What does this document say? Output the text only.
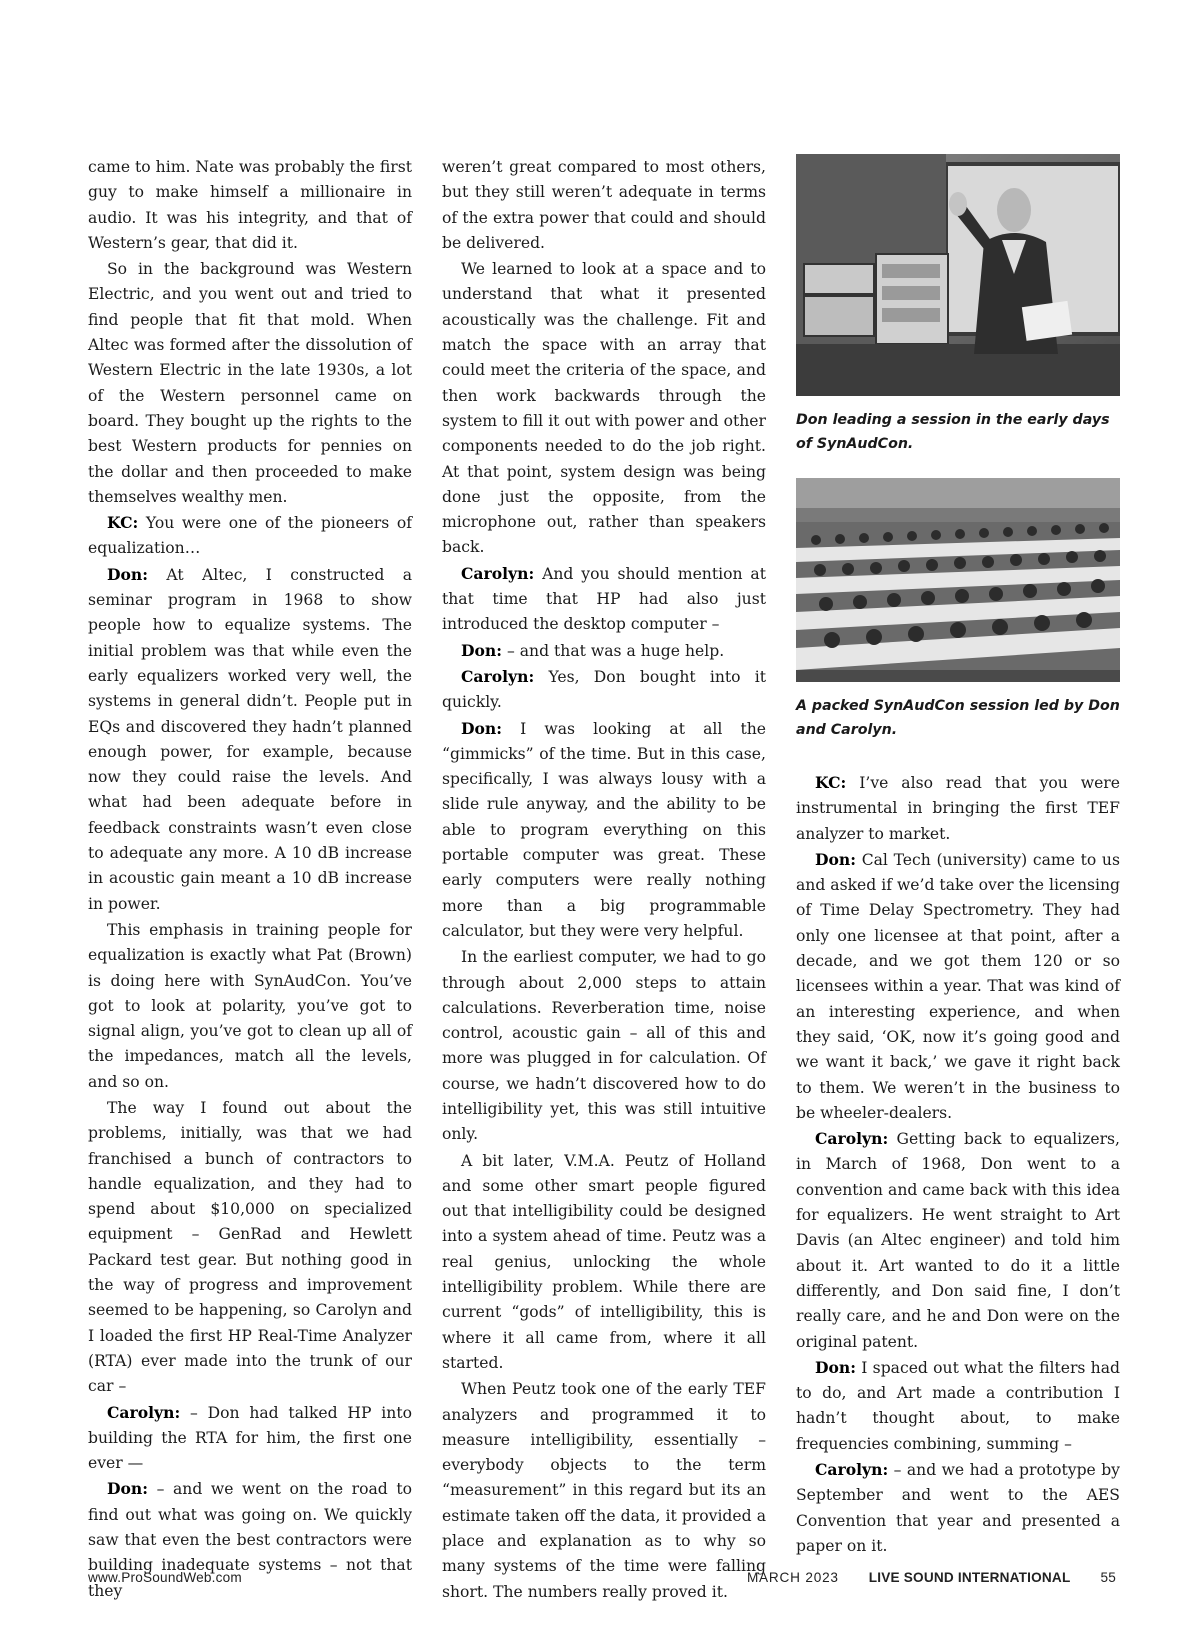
came to him. Nate was probably the first guy to make himself a millionaire in audio. It was his integrity, and that of Western’s gear, that did it.

So in the background was Western Electric, and you went out and tried to find people that fit that mold. When Altec was formed after the dissolution of Western Electric in the late 1930s, a lot of the Western personnel came on board. They bought up the rights to the best Western products for pennies on the dollar and then proceeded to make themselves wealthy men.

KC: You were one of the pioneers of equalization…

Don: At Altec, I constructed a seminar program in 1968 to show people how to equalize systems. The initial problem was that while even the early equalizers worked very well, the systems in general didn’t. People put in EQs and discovered they hadn’t planned enough power, for example, because now they could raise the levels. And what had been adequate before in feedback constraints wasn’t even close to adequate any more. A 10 dB increase in acoustic gain meant a 10 dB increase in power.

This emphasis in training people for equalization is exactly what Pat (Brown) is doing here with SynAudCon. You’ve got to look at polarity, you’ve got to signal align, you’ve got to clean up all of the impedances, match all the levels, and so on.

The way I found out about the problems, initially, was that we had franchised a bunch of contractors to handle equalization, and they had to spend about $10,000 on specialized equipment – GenRad and Hewlett Packard test gear. But nothing good in the way of progress and improvement seemed to be happening, so Carolyn and I loaded the first HP Real-Time Analyzer (RTA) ever made into the trunk of our car –

Carolyn: – Don had talked HP into building the RTA for him, the first one ever —

Don: – and we went on the road to find out what was going on. We quickly saw that even the best contractors were building inadequate systems – not that they

weren’t great compared to most others, but they still weren’t adequate in terms of the extra power that could and should be delivered.

We learned to look at a space and to understand that what it presented acoustically was the challenge. Fit and match the space with an array that could meet the criteria of the space, and then work backwards through the system to fill it out with power and other components needed to do the job right. At that point, system design was being done just the opposite, from the microphone out, rather than speakers back.

Carolyn: And you should mention at that time that HP had also just introduced the desktop computer –

Don: – and that was a huge help.

Carolyn: Yes, Don bought into it quickly.

Don: I was looking at all the “gimmicks” of the time. But in this case, specifically, I was always lousy with a slide rule anyway, and the ability to be able to program everything on this portable computer was great. These early computers were really nothing more than a big programmable calculator, but they were very helpful.

In the earliest computer, we had to go through about 2,000 steps to attain calculations. Reverberation time, noise control, acoustic gain – all of this and more was plugged in for calculation. Of course, we hadn’t discovered how to do intelligibility yet, this was still intuitive only.

A bit later, V.M.A. Peutz of Holland and some other smart people figured out that intelligibility could be designed into a system ahead of time. Peutz was a real genius, unlocking the whole intelligibility problem. While there are current “gods” of intelligibility, this is where it all came from, where it all started.

When Peutz took one of the early TEF analyzers and programmed it to measure intelligibility, essentially – everybody objects to the term “measurement” in this regard but its an estimate taken off the data, it provided a place and explanation as to why so many systems of the time were falling short. The numbers really proved it.

Don leading a session in the early days of SynAudCon.
A packed SynAudCon session led by Don and Carolyn.

KC: I’ve also read that you were instrumental in bringing the first TEF analyzer to market.

Don: Cal Tech (university) came to us and asked if we’d take over the licensing of Time Delay Spectrometry. They had only one licensee at that point, after a decade, and we got them 120 or so licensees within a year. That was kind of an interesting experience, and when they said, ‘OK, now it’s going good and we want it back,’ we gave it right back to them. We weren’t in the business to be wheeler-dealers.

Carolyn: Getting back to equalizers, in March of 1968, Don went to a convention and came back with this idea for equalizers. He went straight to Art Davis (an Altec engineer) and told him about it. Art wanted to do it a little differently, and Don said fine, I don’t really care, and he and Don were on the original patent.

Don: I spaced out what the filters had to do, and Art made a contribution I hadn’t thought about, to make frequencies combining, summing –

Carolyn: – and we had a prototype by September and went to the AES Convention that year and presented a paper on it.

www.ProSoundWeb.com	MARCH 2023 LIVE SOUND INTERNATIONAL 55
